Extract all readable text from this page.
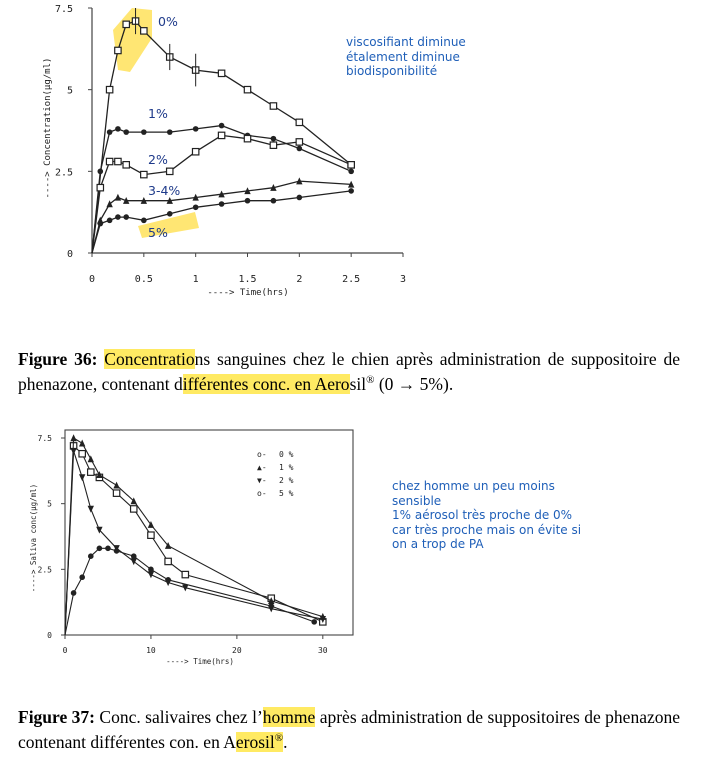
0	0.5	1	1.5	2	2.5	3
0
2.5
5
7.5
----> Time(hrs)
----> Concentration(µg/ml)
0%
1%
2%
3-4%
5%
viscosifiant diminue
étalement diminue
biodisponibilité
Figure 36: Concentrations sanguines chez le chien après administration de suppositoire de phenazone, contenant différentes conc. en Aerosil® (0 → 5%).
0	10	20	30
0
2.5
5
7.5
----> Time(hrs)
----> Saliva conc(µg/ml)
o- 0 %
▲- 1 %
▼- 2 %
o- 5 %
chez homme un peu moins
sensible
1% aérosol très proche de 0%
car très proche mais on évite si
on a trop de PA
Figure 37: Conc. salivaires chez l’homme après administration de suppositoires de phenazone contenant différentes con. en Aerosil®.
